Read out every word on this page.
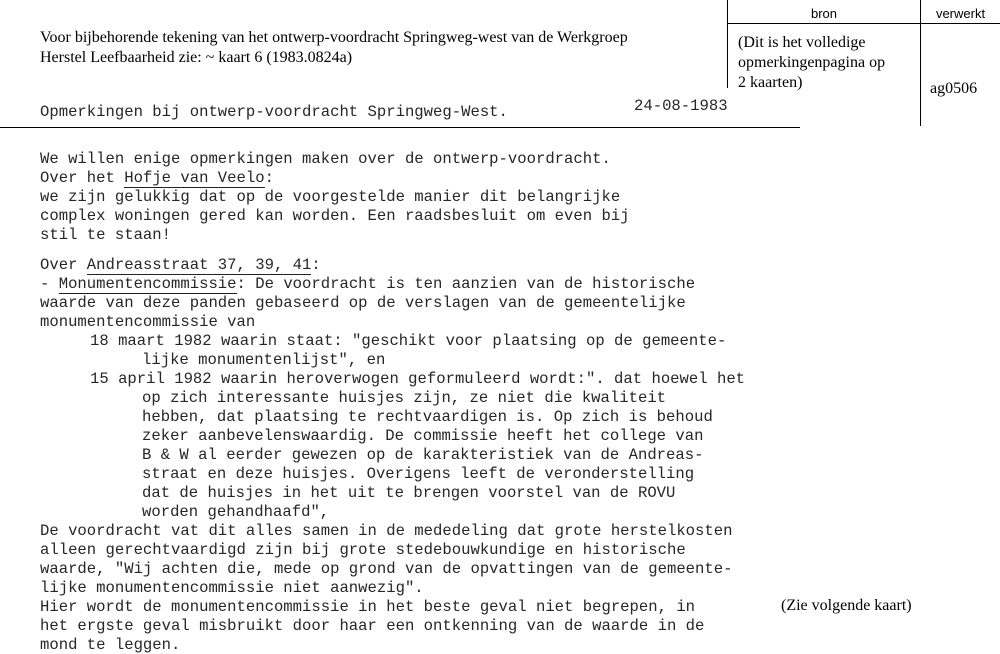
Voor bijbehorende tekening van het ontwerp-voordracht Springweg-west van de Werkgroep
Herstel Leefbaarheid zie: ~ kaart 6 (1983.0824a)
bron	verwerkt
(Dit is het volledige
opmerkingenpagina op
2 kaarten)	ag0506
Opmerkingen bij ontwerp-voordracht Springweg-West.	24-08-1983
We willen enige opmerkingen maken over de ontwerp-voordracht.
Over het Hofje van Veelo:
we zijn gelukkig dat op de voorgestelde manier dit belangrijke
complex woningen gered kan worden. Een raadsbesluit om even bij
stil te staan!
Over Andreasstraat 37, 39, 41:
- Monumentencommissie: De voordracht is ten aanzien van de historische
waarde van deze panden gebaseerd op de verslagen van de gemeentelijke
monumentencommissie van
18 maart 1982 waarin staat: "geschikt voor plaatsing op de gemeente-
lijke monumentenlijst", en
15 april 1982 waarin heroverwogen geformuleerd wordt:". dat hoewel het
op zich interessante huisjes zijn, ze niet die kwaliteit
hebben, dat plaatsing te rechtvaardigen is. Op zich is behoud
zeker aanbevelenswaardig. De commissie heeft het college van
B & W al eerder gewezen op de karakteristiek van de Andreas-
straat en deze huisjes. Overigens leeft de veronderstelling
dat de huisjes in het uit te brengen voorstel van de ROVU
worden gehandhaafd",
De voordracht vat dit alles samen in de mededeling dat grote herstelkosten
alleen gerechtvaardigd zijn bij grote stedebouwkundige en historische
waarde, "Wij achten die, mede op grond van de opvattingen van de gemeente-
lijke monumentencommissie niet aanwezig".
Hier wordt de monumentencommissie in het beste geval niet begrepen, in
het ergste geval misbruikt door haar een ontkenning van de waarde in de
mond te leggen.
(Zie volgende kaart)
